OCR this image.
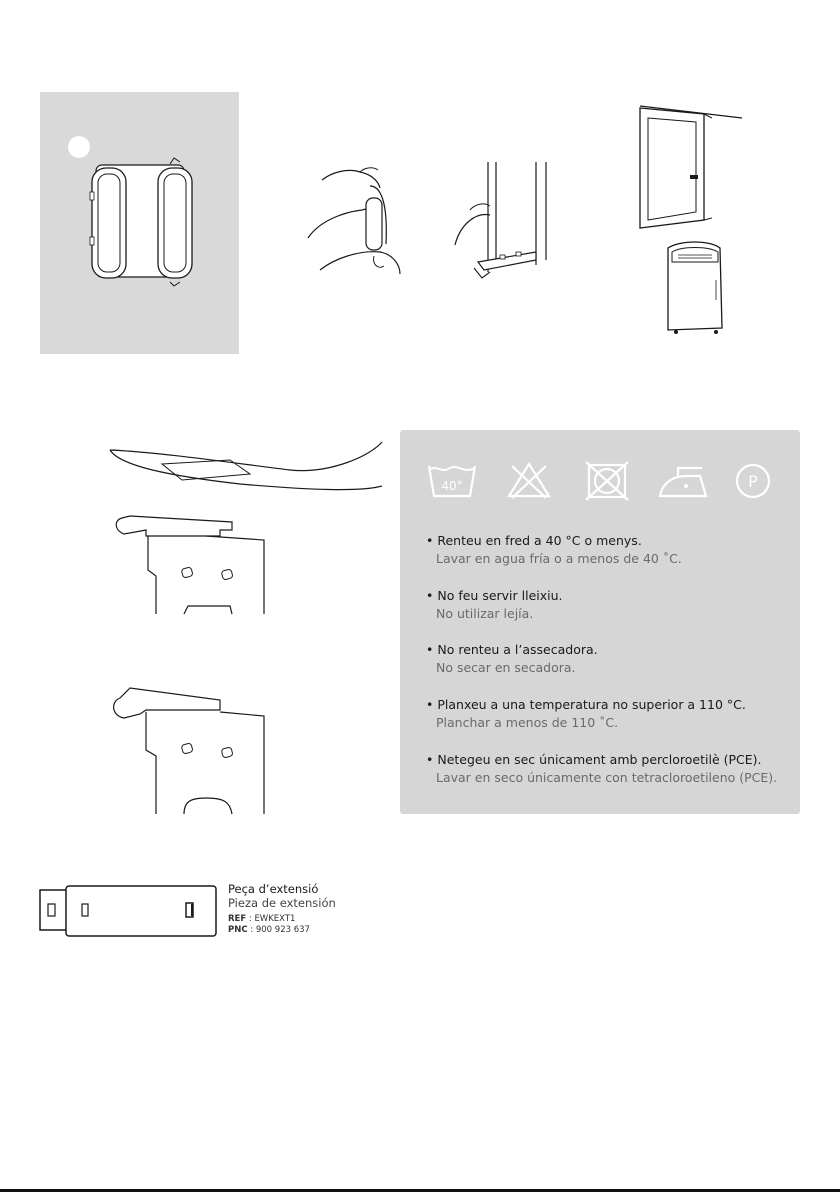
40°	P
• Renteu en fred a 40 °C o menys.
Lavar en agua fría o a menos de 40 ˚C.
• No feu servir lleixiu.
No utilizar lejía.
• No renteu a l’assecadora.
No secar en secadora.
• Planxeu a una temperatura no superior a 110 °C.
Planchar a menos de 110 ˚C.
• Netegeu en sec únicament amb percloroetilè (PCE).
Lavar en seco únicamente con tetracloroetileno (PCE).
Peça d’extensió
Pieza de extensión
REF : EWKEXT1
PNC : 900 923 637
